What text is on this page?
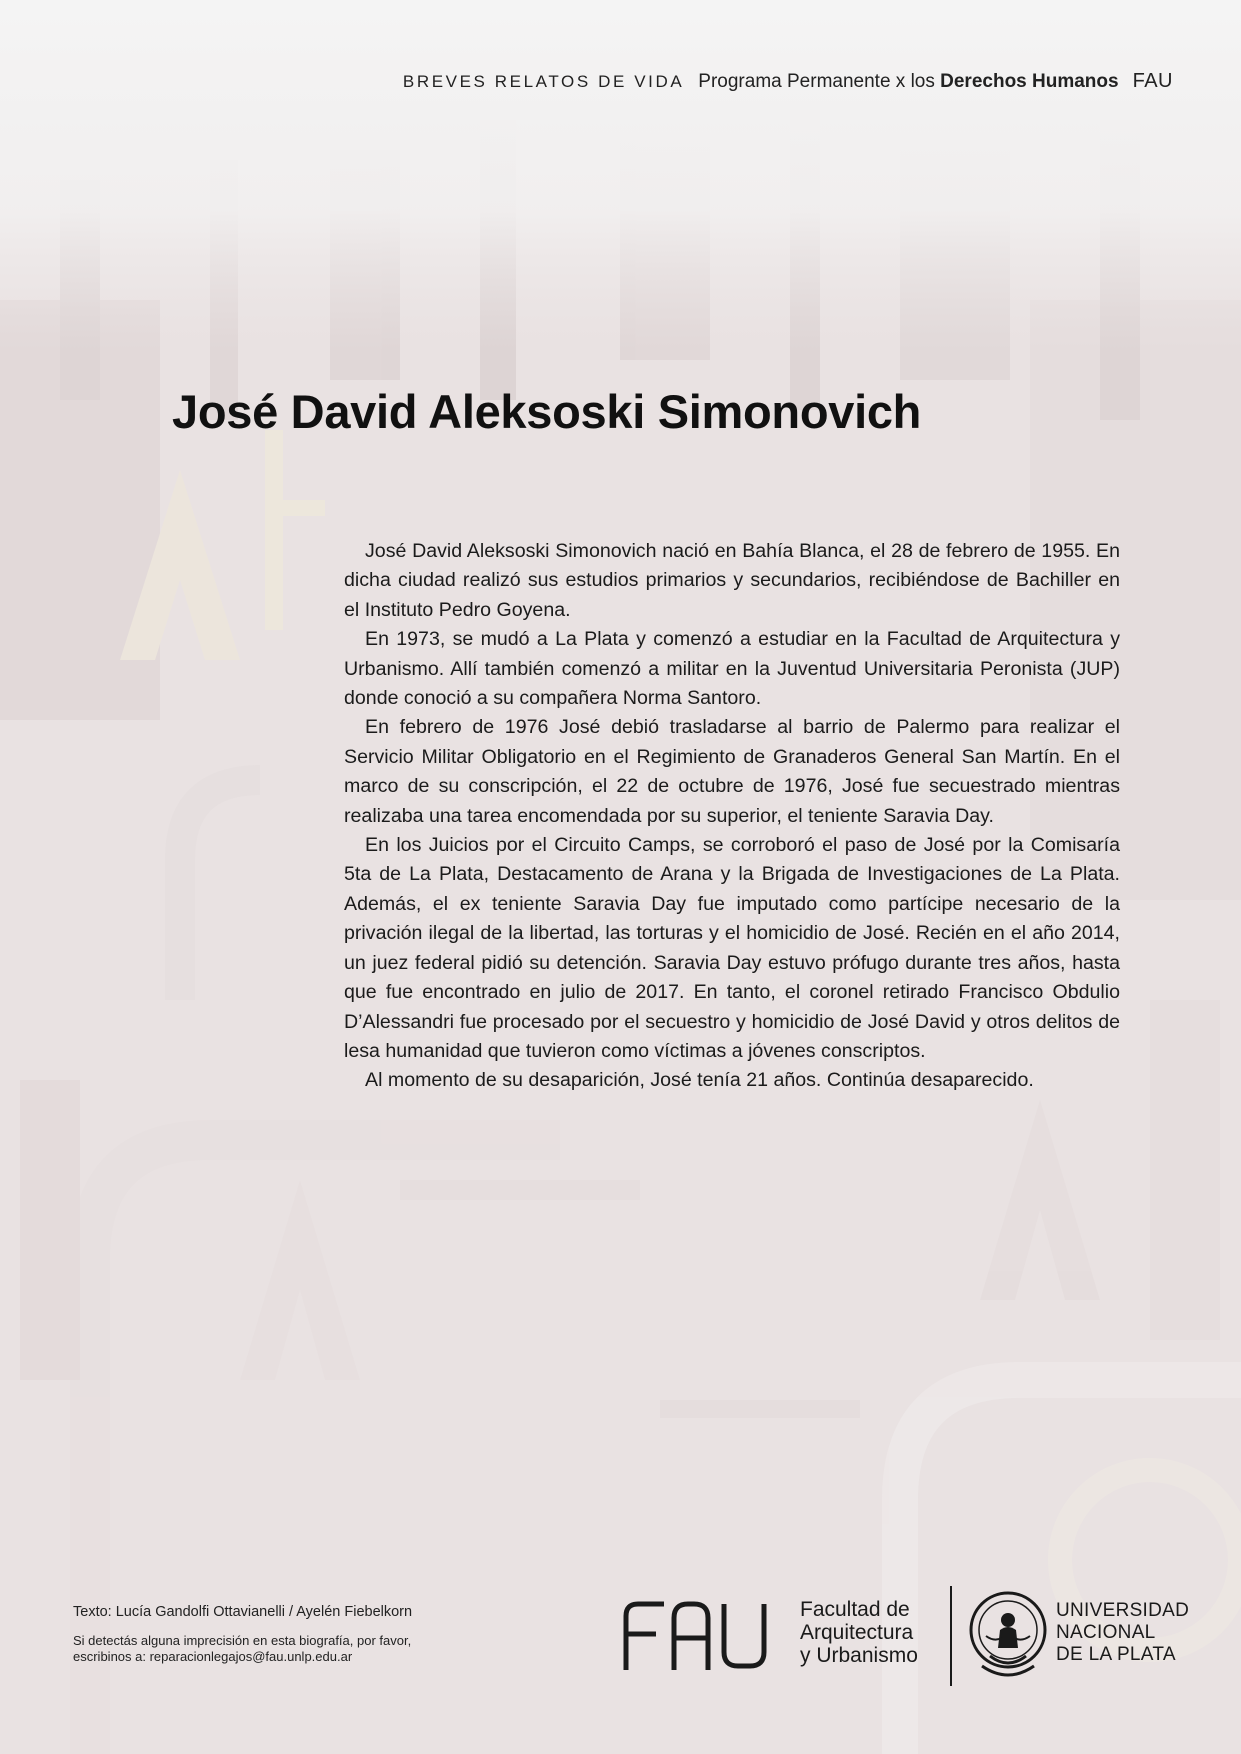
BREVES RELATOS DE VIDA Programa Permanente x los Derechos Humanos FAU
José David Aleksoski Simonovich

José David Aleksoski Simonovich nació en Bahía Blanca, el 28 de febrero de 1955. En dicha ciudad realizó sus estudios primarios y secundarios, recibiéndose de Bachiller en el Instituto Pedro Goyena.

En 1973, se mudó a La Plata y comenzó a estudiar en la Facultad de Arquitectura y Urbanismo. Allí también comenzó a militar en la Juventud Universitaria Peronista (JUP) donde conoció a su compañera Norma Santoro.

En febrero de 1976 José debió trasladarse al barrio de Palermo para realizar el Servicio Militar Obligatorio en el Regimiento de Granaderos General San Martín. En el marco de su conscripción, el 22 de octubre de 1976, José fue secuestrado mientras realizaba una tarea encomendada por su superior, el teniente Saravia Day.

En los Juicios por el Circuito Camps, se corroboró el paso de José por la Comisaría 5ta de La Plata, Destacamento de Arana y la Brigada de Investigaciones de La Plata. Además, el ex teniente Saravia Day fue imputado como partícipe necesario de la privación ilegal de la libertad, las torturas y el homicidio de José. Recién en el año 2014, un juez federal pidió su detención. Saravia Day estuvo prófugo durante tres años, hasta que fue encontrado en julio de 2017. En tanto, el coronel retirado Francisco Obdulio D’Alessandri fue procesado por el secuestro y homicidio de José David y otros delitos de lesa humanidad que tuvieron como víctimas a jóvenes conscriptos.

Al momento de su desaparición, José tenía 21 años. Continúa desaparecido.

Texto: Lucía Gandolfi Ottavianelli / Ayelén Fiebelkorn
Si detectás alguna imprecisión en esta biografía, por favor,
escribinos a: reparacionlegajos@fau.unlp.edu.ar
Facultad de
Arquitectura
y Urbanismo
UNIVERSIDAD
NACIONAL
DE LA PLATA
